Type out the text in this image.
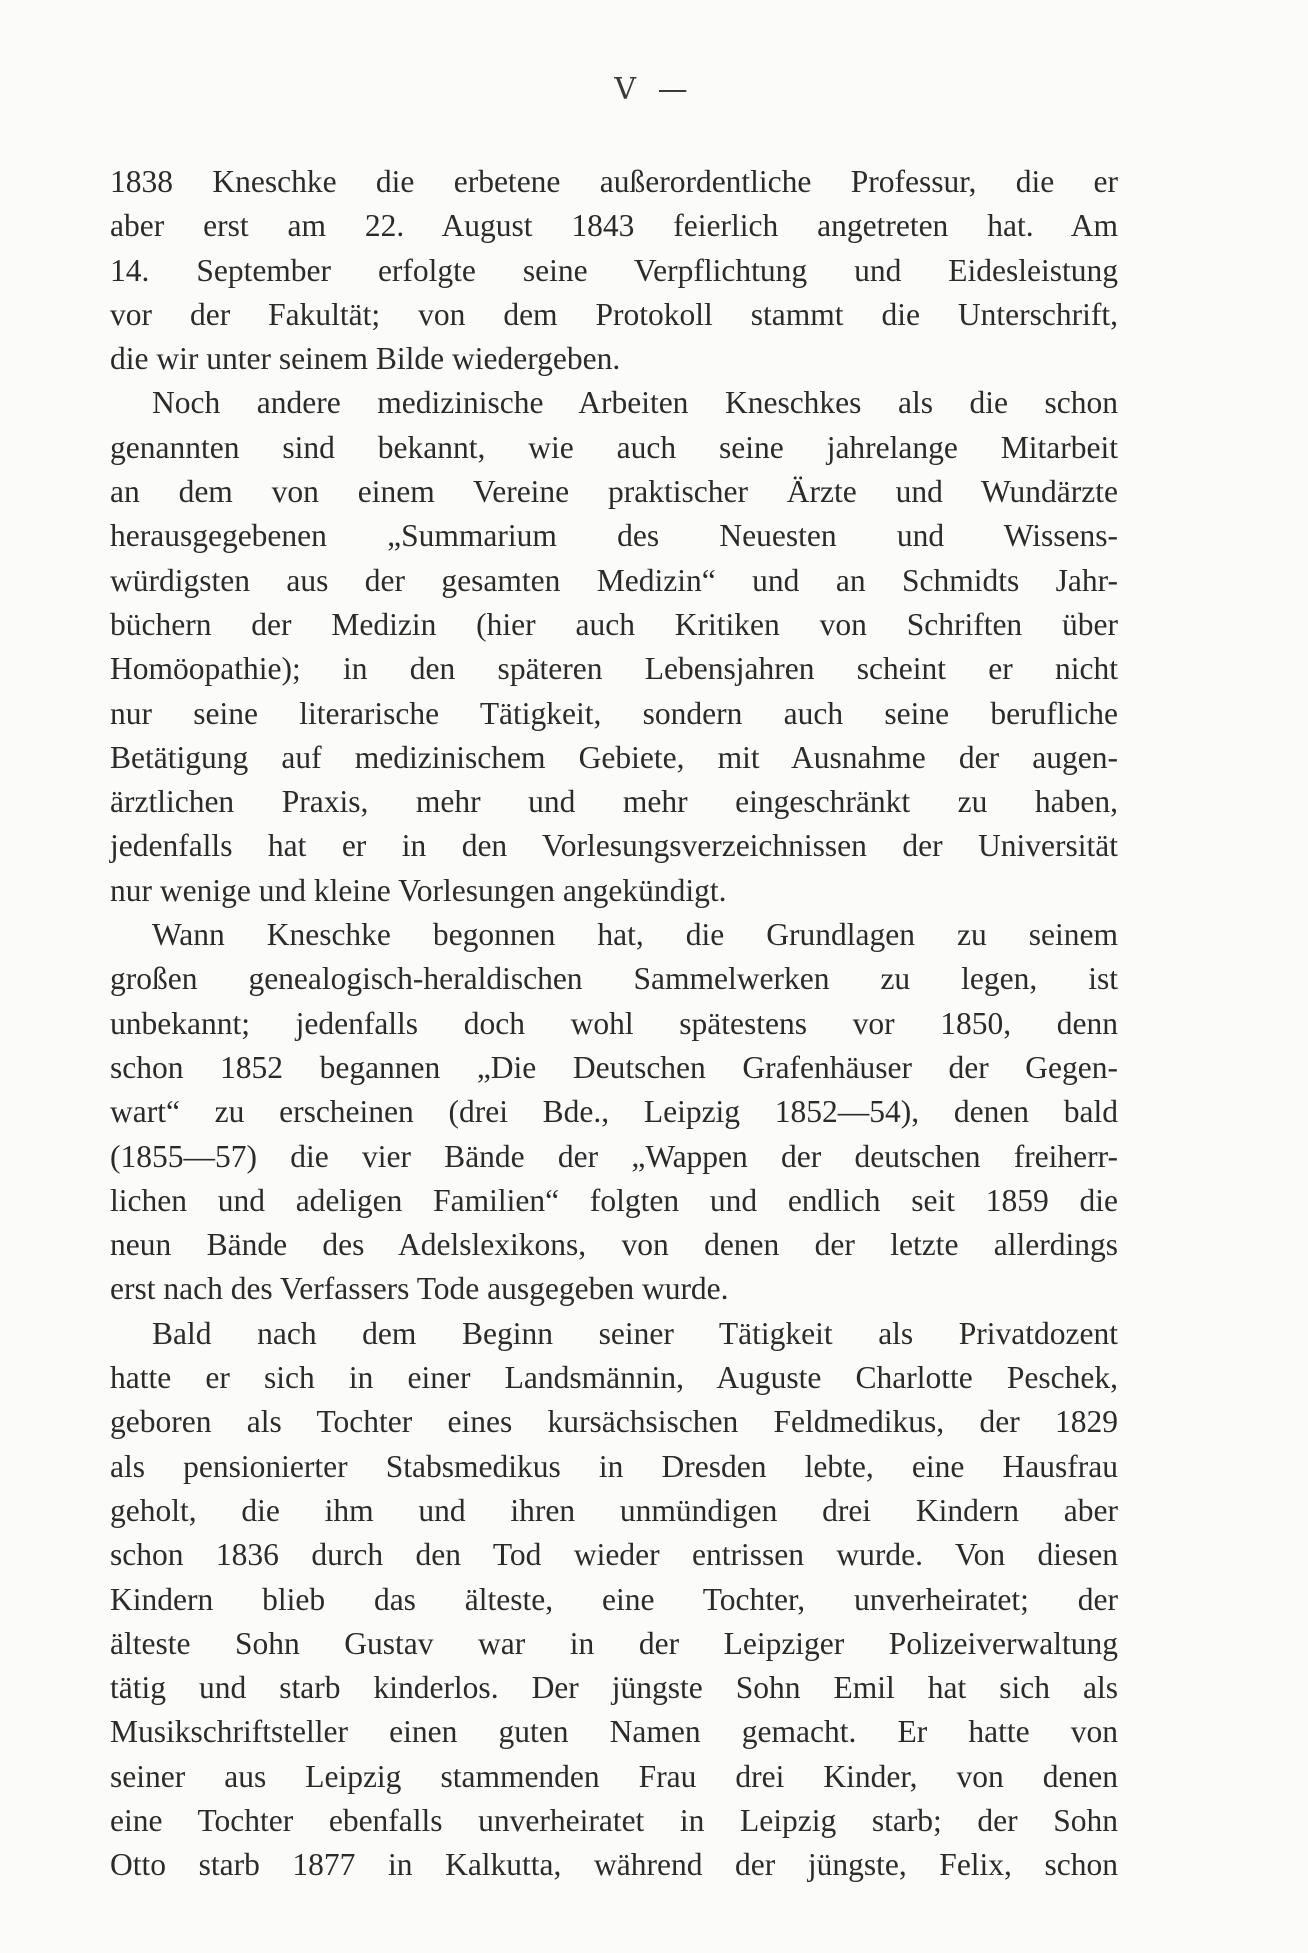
V —
1838 Kneschke die erbetene außerordentliche Professur, die er
aber erst am 22. August 1843 feierlich angetreten hat. Am
14. September erfolgte seine Verpflichtung und Eidesleistung
vor der Fakultät; von dem Protokoll stammt die Unterschrift,
die wir unter seinem Bilde wiedergeben.
Noch andere medizinische Arbeiten Kneschkes als die schon
genannten sind bekannt, wie auch seine jahrelange Mitarbeit
an dem von einem Vereine praktischer Ärzte und Wundärzte
herausgegebenen „Summarium des Neuesten und Wissens-
würdigsten aus der gesamten Medizin“ und an Schmidts Jahr-
büchern der Medizin (hier auch Kritiken von Schriften über
Homöopathie); in den späteren Lebensjahren scheint er nicht
nur seine literarische Tätigkeit, sondern auch seine berufliche
Betätigung auf medizinischem Gebiete, mit Ausnahme der augen-
ärztlichen Praxis, mehr und mehr eingeschränkt zu haben,
jedenfalls hat er in den Vorlesungsverzeichnissen der Universität
nur wenige und kleine Vorlesungen angekündigt.
Wann Kneschke begonnen hat, die Grundlagen zu seinem
großen genealogisch-heraldischen Sammelwerken zu legen, ist
unbekannt; jedenfalls doch wohl spätestens vor 1850, denn
schon 1852 begannen „Die Deutschen Grafenhäuser der Gegen-
wart“ zu erscheinen (drei Bde., Leipzig 1852—54), denen bald
(1855—57) die vier Bände der „Wappen der deutschen freiherr-
lichen und adeligen Familien“ folgten und endlich seit 1859 die
neun Bände des Adelslexikons, von denen der letzte allerdings
erst nach des Verfassers Tode ausgegeben wurde.
Bald nach dem Beginn seiner Tätigkeit als Privatdozent
hatte er sich in einer Landsmännin, Auguste Charlotte Peschek,
geboren als Tochter eines kursächsischen Feldmedikus, der 1829
als pensionierter Stabsmedikus in Dresden lebte, eine Hausfrau
geholt, die ihm und ihren unmündigen drei Kindern aber
schon 1836 durch den Tod wieder entrissen wurde. Von diesen
Kindern blieb das älteste, eine Tochter, unverheiratet; der
älteste Sohn Gustav war in der Leipziger Polizeiverwaltung
tätig und starb kinderlos. Der jüngste Sohn Emil hat sich als
Musikschriftsteller einen guten Namen gemacht. Er hatte von
seiner aus Leipzig stammenden Frau drei Kinder, von denen
eine Tochter ebenfalls unverheiratet in Leipzig starb; der Sohn
Otto starb 1877 in Kalkutta, während der jüngste, Felix, schon
